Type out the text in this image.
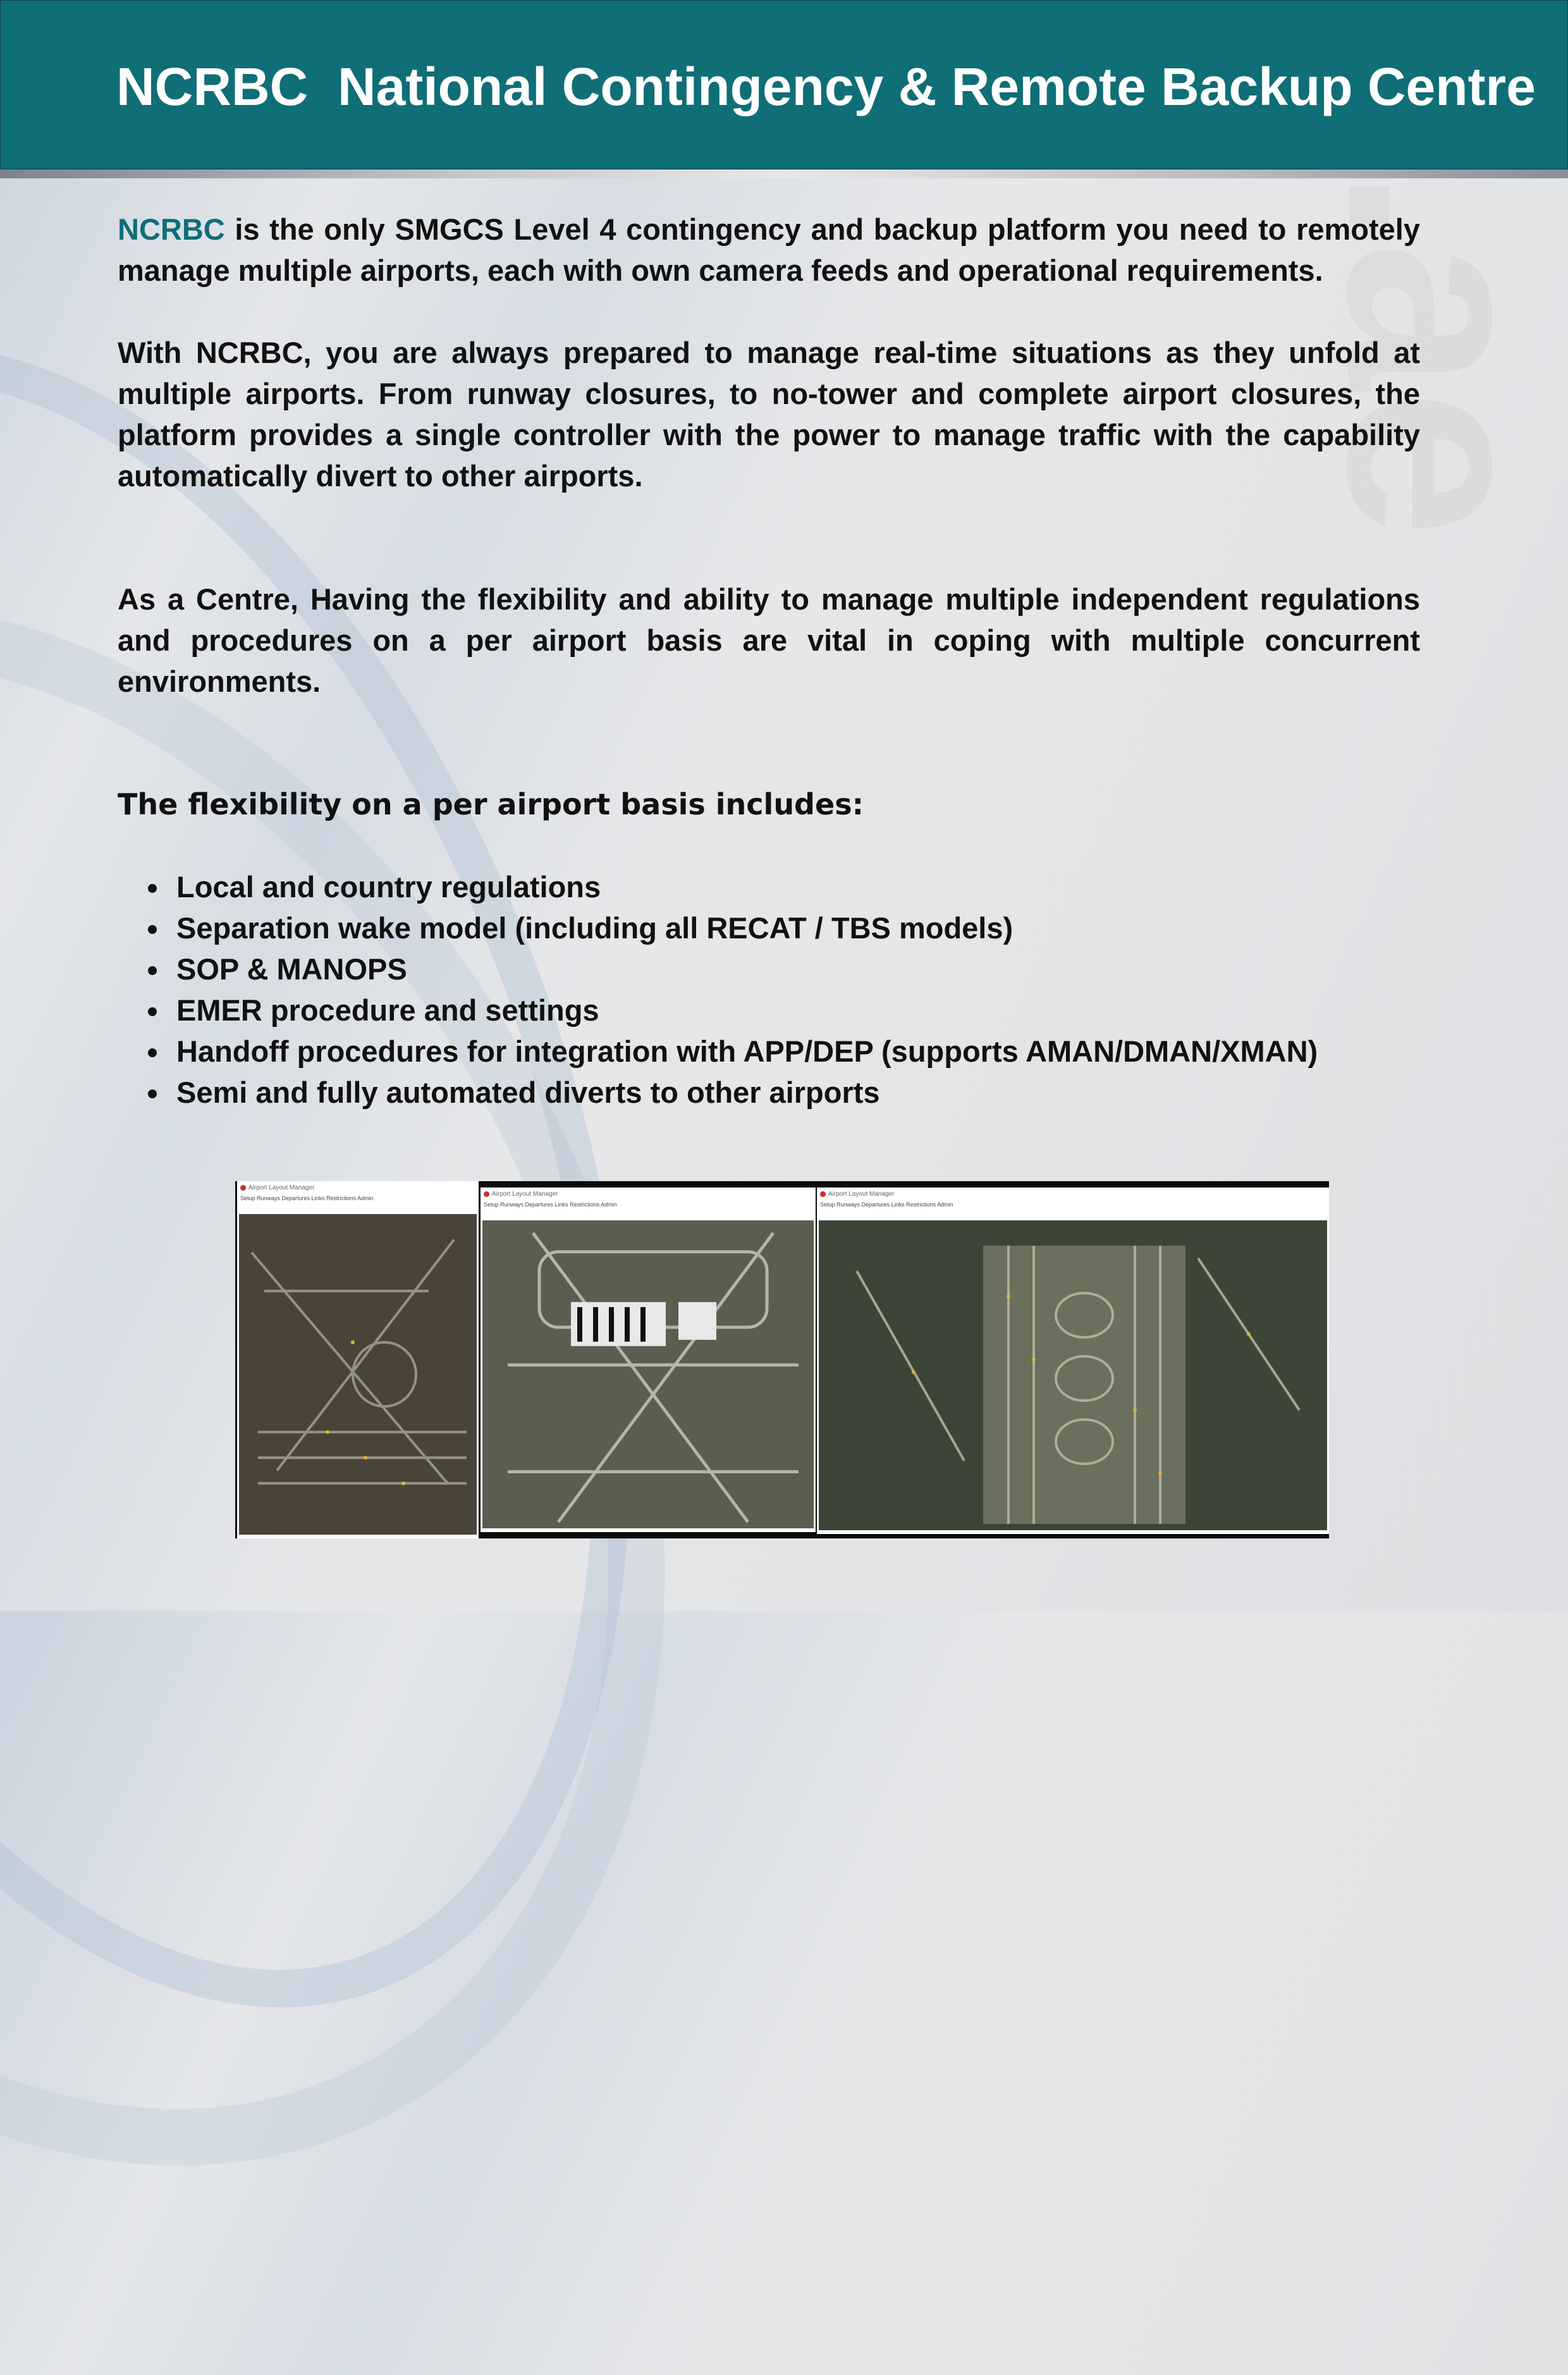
NCRBC  National Contingency & Remote Backup Centre

NCRBC is the only SMGCS Level 4 contingency and backup platform you need to remotely manage multiple airports, each with own camera feeds and operational requirements.

With NCRBC, you are always prepared to manage real-time situations as they unfold at multiple airports. From runway closures, to no-tower and complete airport closures, the platform provides a single controller with the power to manage traffic with the capability automatically divert to other airports.

As a Centre, Having the flexibility and ability to manage multiple independent regulations and procedures on a per airport basis are vital in coping with multiple concurrent environments.

The flexibility on a per airport basis includes:

• Local and country regulations
• Separation wake model (including all RECAT / TBS models)
• SOP & MANOPS
• EMER procedure and settings
• Handoff procedures for integration with APP/DEP (supports AMAN/DMAN/XMAN)
• Semi and fully automated diverts to other airports
Airport Layout Manager
Setup Runways Departures Links Restrictions Admin
Airport Layout Manager
Setup Runways Departures Links Restrictions Admin
Airport Layout Manager
Setup Runways Departures Links Restrictions Admin
